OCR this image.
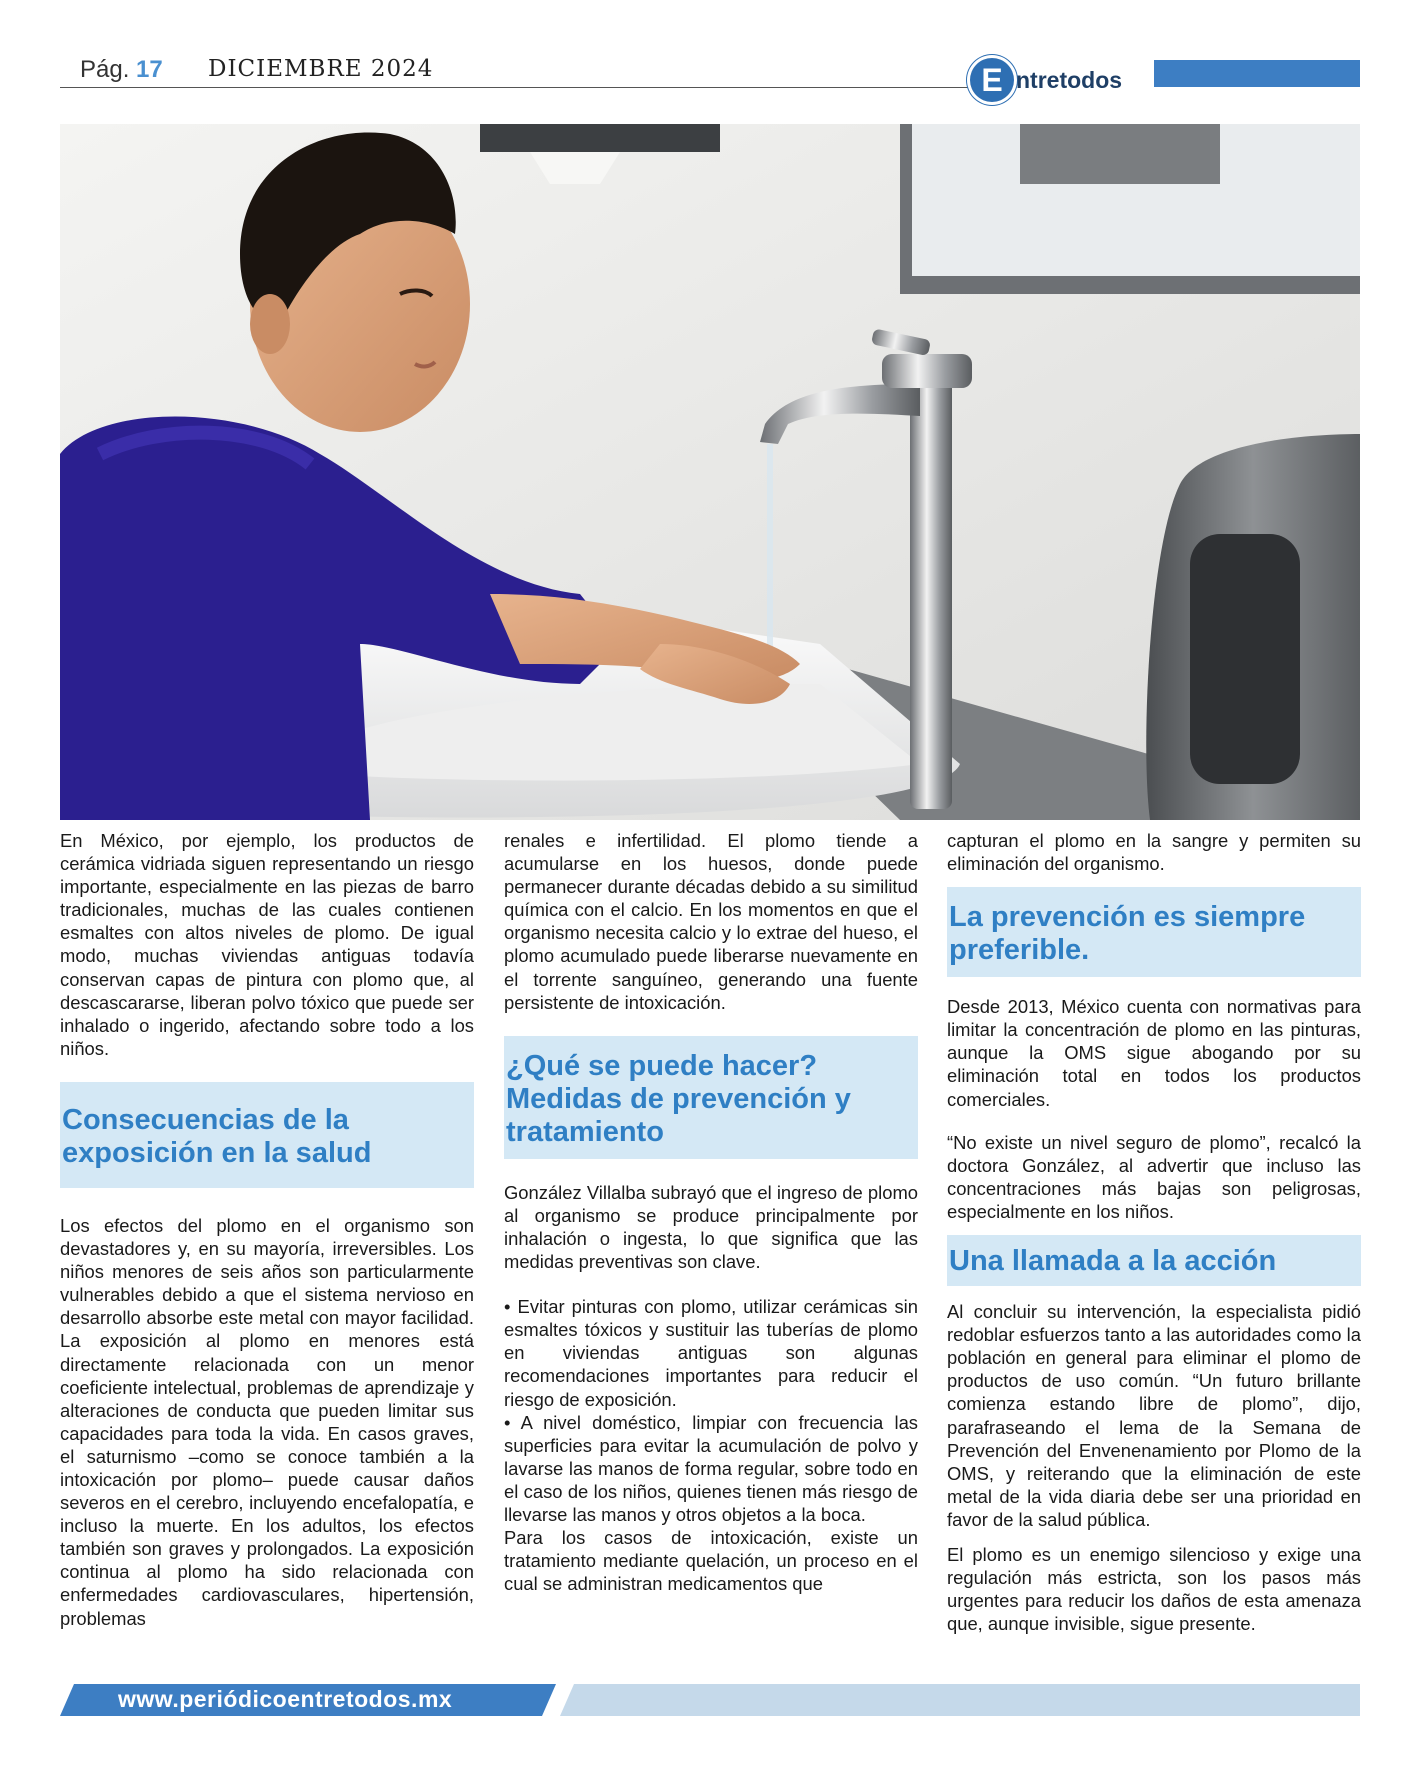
Pág. 17 DICIEMBRE 2024	E ntretodos

En México, por ejemplo, los productos de cerámica vidriada siguen representando un riesgo importante, especialmente en las piezas de barro tradicionales, muchas de las cuales contienen esmaltes con altos niveles de plomo. De igual modo, muchas viviendas antiguas todavía conservan capas de pintura con plomo que, al descascararse, liberan polvo tóxico que puede ser inhalado o ingerido, afectando sobre todo a los niños.

Consecuencias de la exposición en la salud

Los efectos del plomo en el organismo son devastadores y, en su mayoría, irreversibles. Los niños menores de seis años son particularmente vulnerables debido a que el sistema nervioso en desarrollo absorbe este metal con mayor facilidad. La exposición al plomo en menores está directamente relacionada con un menor coeficiente intelectual, problemas de aprendizaje y alteraciones de conducta que pueden limitar sus capacidades para toda la vida. En casos graves, el saturnismo –como se conoce también a la intoxicación por plomo– puede causar daños severos en el cerebro, incluyendo encefalopatía, e incluso la muerte. En los adultos, los efectos también son graves y prolongados. La exposición continua al plomo ha sido relacionada con enfermedades cardiovasculares, hipertensión, problemas

renales e infertilidad. El plomo tiende a acumularse en los huesos, donde puede permanecer durante décadas debido a su similitud química con el calcio. En los momentos en que el organismo necesita calcio y lo extrae del hueso, el plomo acumulado puede liberarse nuevamente en el torrente sanguíneo, generando una fuente persistente de intoxicación.

¿Qué se puede hacer? Medidas de prevención y tratamiento

González Villalba subrayó que el ingreso de plomo al organismo se produce principalmente por inhalación o ingesta, lo que significa que las medidas preventivas son clave.

• Evitar pinturas con plomo, utilizar cerámicas sin esmaltes tóxicos y sustituir las tuberías de plomo en viviendas antiguas son algunas recomendaciones importantes para reducir el riesgo de exposición.

• A nivel doméstico, limpiar con frecuencia las superficies para evitar la acumulación de polvo y lavarse las manos de forma regular, sobre todo en el caso de los niños, quienes tienen más riesgo de llevarse las manos y otros objetos a la boca.

Para los casos de intoxicación, existe un tratamiento mediante quelación, un proceso en el cual se administran medicamentos que

capturan el plomo en la sangre y permiten su eliminación del organismo.

La prevención es siempre preferible.

Desde 2013, México cuenta con normativas para limitar la concentración de plomo en las pinturas, aunque la OMS sigue abogando por su eliminación total en todos los productos comerciales.

“No existe un nivel seguro de plomo”, recalcó la doctora González, al advertir que incluso las concentraciones más bajas son peligrosas, especialmente en los niños.

Una llamada a la acción

Al concluir su intervención, la especialista pidió redoblar esfuerzos tanto a las autoridades como la población en general para eliminar el plomo de productos de uso común. “Un futuro brillante comienza estando libre de plomo”, dijo, parafraseando el lema de la Semana de Prevención del Envenenamiento por Plomo de la OMS, y reiterando que la eliminación de este metal de la vida diaria debe ser una prioridad en favor de la salud pública.

El plomo es un enemigo silencioso y exige una regulación más estricta, son los pasos más urgentes para reducir los daños de esta amenaza que, aunque invisible, sigue presente.

www.periódicoentretodos.mx
